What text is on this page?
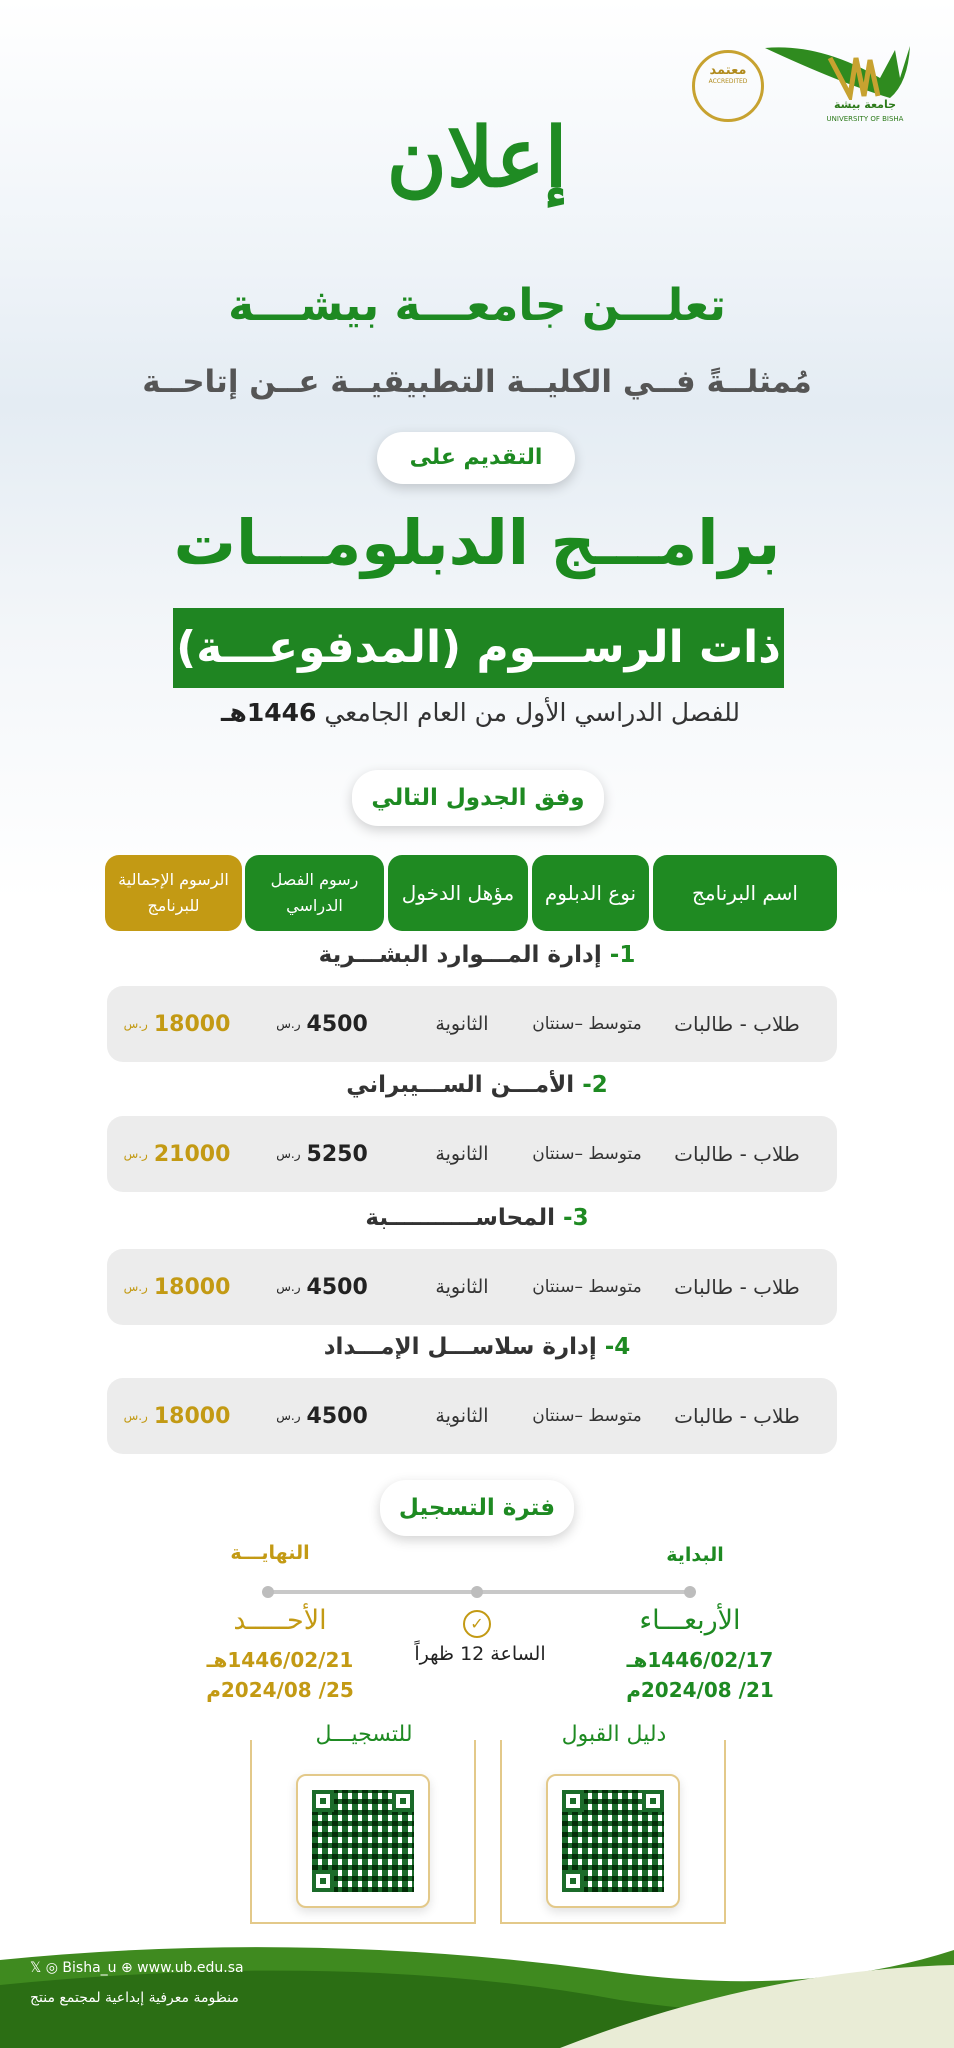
جامعة بيشة
UNIVERSITY OF BISHA
معتمد
ACCREDITED
إعلان
تعلـــن جامعـــة بيشـــة
مُمثلــةً فــي الكليــة التطبيقيــة عــن إتاحــة
التقديم على
برامـــج الدبلومـــات
ذات الرســـوم (المدفوعـــة)
للفصل الدراسي الأول من العام الجامعي 1446هـ
وفق الجدول التالي
اسم البرنامج
نوع الدبلوم
مؤهل الدخول
رسوم الفصل الدراسي
الرسوم الإجمالية للبرنامج
1- إدارة المـــوارد البشـــرية
طلاب - طالبات
متوسط –

سنتان
الثانوية
4500
ر.س
18000
ر.س
2- الأمـــن الســـيبراني
طلاب - طالبات
متوسط –

سنتان
الثانوية
5250
ر.س
21000
ر.س
3- المحاســـــــــــبة
طلاب - طالبات
متوسط –

سنتان
الثانوية
4500
ر.س
18000
ر.س
4- إدارة سلاســـل الإمـــداد
طلاب - طالبات
متوسط –

سنتان
الثانوية
4500
ر.س
18000
ر.س
فترة التسجيل
البداية
النهايـــة
✓
الساعة 12 ظهراً
الأربعـــاء
الأحـــــد
1446/02/17هـ
21/ 2024/08م
1446/02/21هـ
25/ 2024/08م
دليل القبول
للتسجيـــل
𝕏 ◎ Bisha_u ⊕ www.ub.edu.sa
منظومة معرفية إبداعية لمجتمع منتج
